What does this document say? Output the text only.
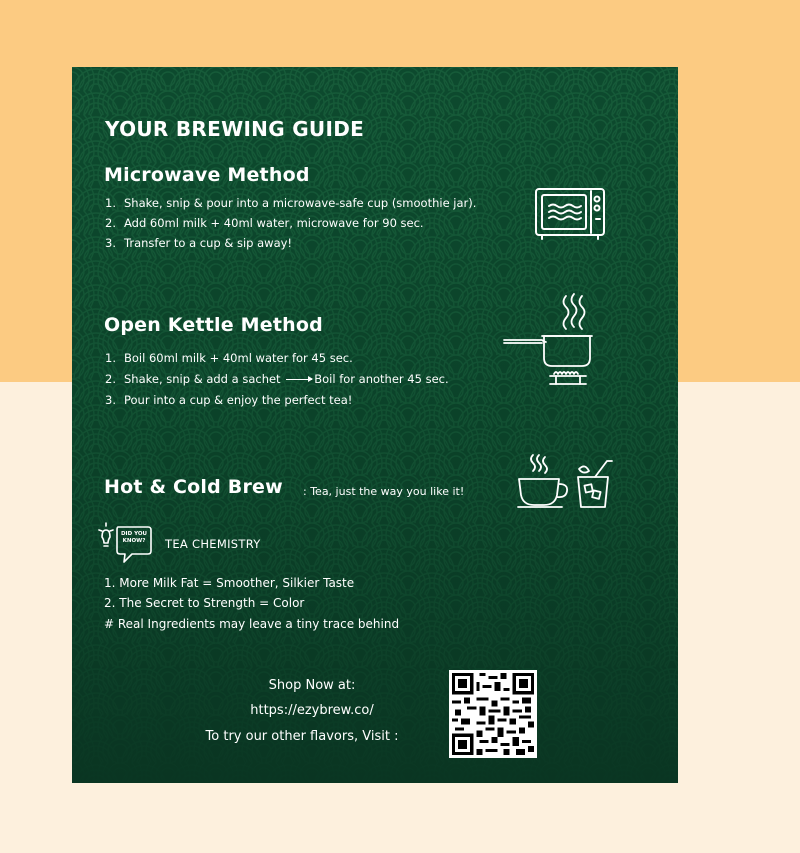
YOUR BREWING GUIDE
Microwave Method
1. Shake, snip & pour into a microwave-safe cup (smoothie jar).
2. Add 60ml milk + 40ml water, microwave for 90 sec.
3. Transfer to a cup & sip away!
Open Kettle Method
1. Boil 60ml milk + 40ml water for 45 sec.
2. Shake, snip & add a sachet	Boil for another 45 sec.
3. Pour into a cup & enjoy the perfect tea!
Hot & Cold Brew : Tea, just the way you like it!
DID YOU KNOW?	TEA CHEMISTRY
1. More Milk Fat = Smoother, Silkier Taste
2. The Secret to Strength = Color
# Real Ingredients may leave a tiny trace behind
Shop Now at:
https://ezybrew.co/
To try our other flavors, Visit :
